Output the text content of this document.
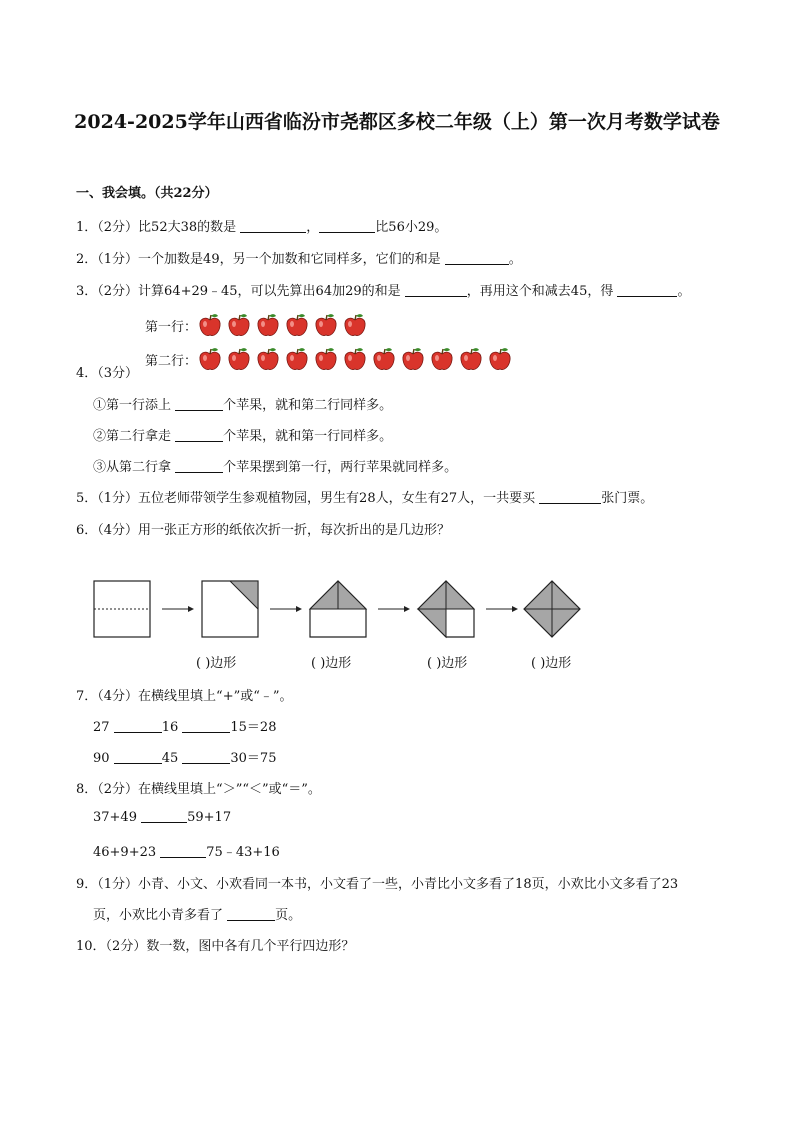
2024-2025学年山西省临汾市尧都区多校二年级（上）第一次月考数学试卷
一、我会填。（共22分）
1．（2分）比52大38的数是	，	比56小29。
2．（1分）一个加数是49，另一个加数和它同样多，它们的和是	。
3．（2分）计算64+29﹣45，可以先算出64加29的和是	，再用这个和减去45，得	。
第一行：
第二行：
4．（3分）
①第一行添上	个苹果，就和第二行同样多。
②第二行拿走	个苹果，就和第一行同样多。
③从第二行拿	个苹果摆到第一行，两行苹果就同样多。
5．（1分）五位老师带领学生参观植物园，男生有28人，女生有27人，一共要买	张门票。
6．（4分）用一张正方形的纸依次折一折，每次折出的是几边形？
( )边形	( )边形	( )边形	( )边形
7．（4分）在横线里填上“+”或“﹣”。
27	16	15＝28
90	45	30＝75
8．（2分）在横线里填上“＞”“＜”或“＝”。
37+49	59+17
46+9+23	75﹣43+16
9．（1分）小青、小文、小欢看同一本书，小文看了一些，小青比小文多看了18页，小欢比小文多看了23
页，小欢比小青多看了	页。
10．（2分）数一数，图中各有几个平行四边形？
